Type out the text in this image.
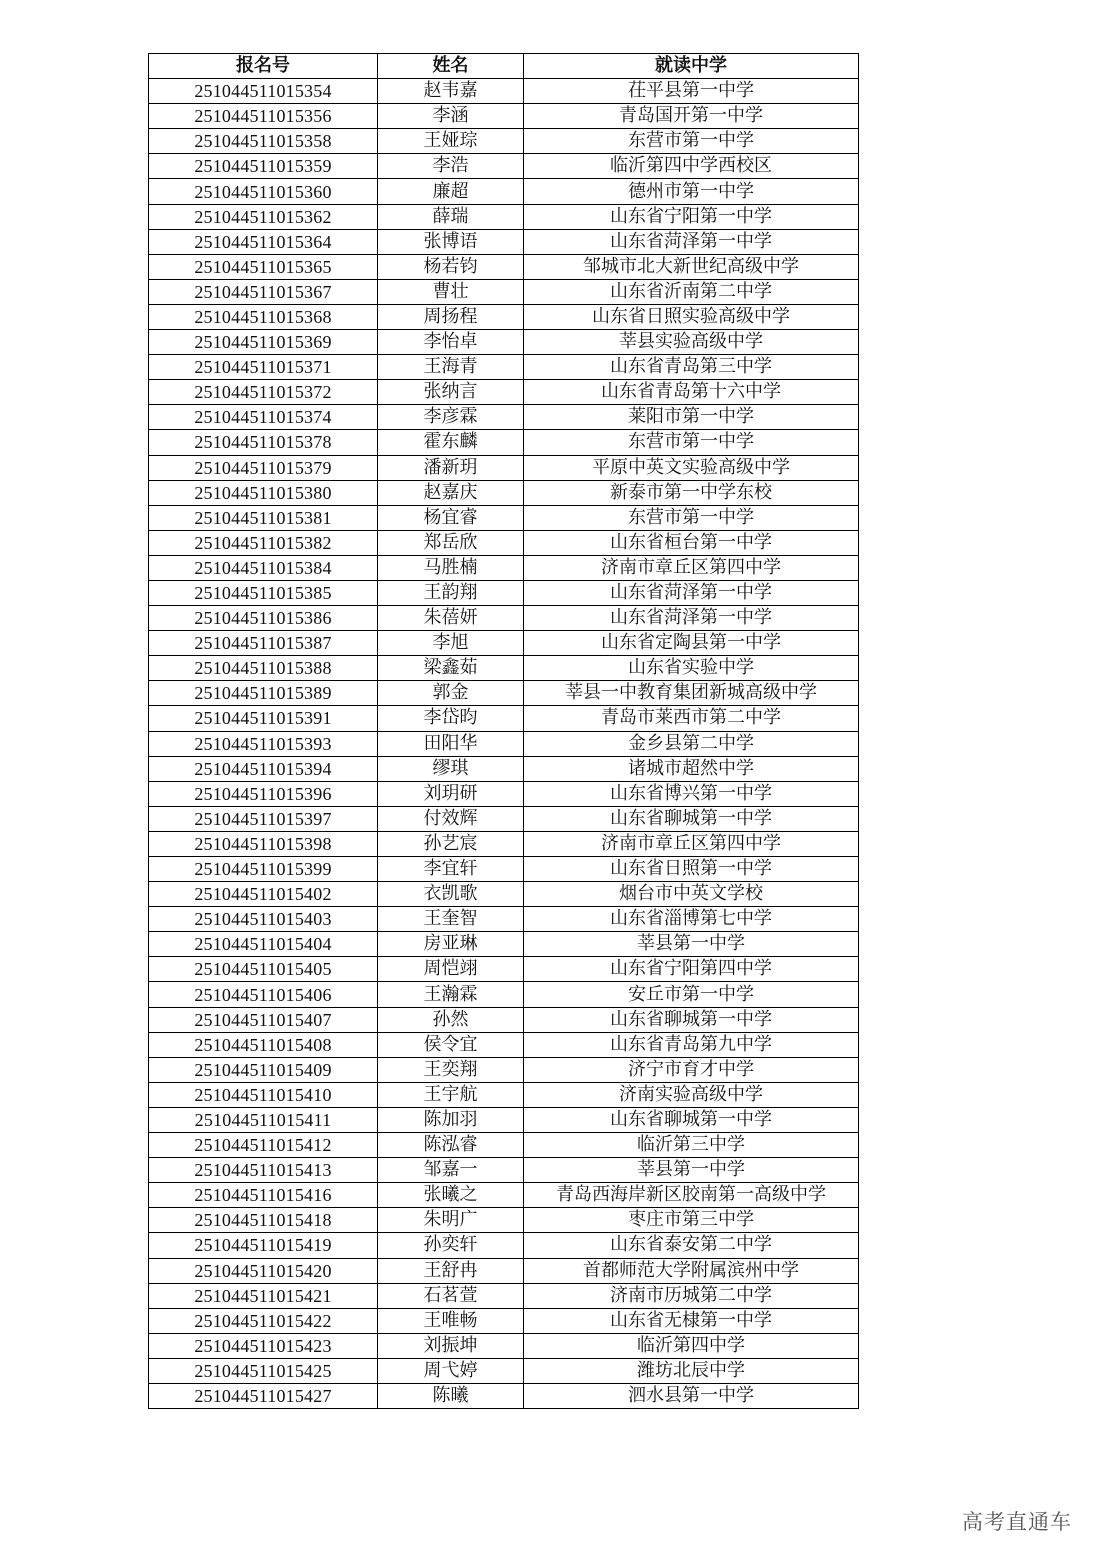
报名号	姓名	就读中学
251044511015354	赵韦嘉	茌平县第一中学
251044511015356	李涵	青岛国开第一中学
251044511015358	王娅琮	东营市第一中学
251044511015359	李浩	临沂第四中学西校区
251044511015360	廉超	德州市第一中学
251044511015362	薛瑞	山东省宁阳第一中学
251044511015364	张博语	山东省菏泽第一中学
251044511015365	杨若钧	邹城市北大新世纪高级中学
251044511015367	曹壮	山东省沂南第二中学
251044511015368	周扬程	山东省日照实验高级中学
251044511015369	李怡卓	莘县实验高级中学
251044511015371	王海青	山东省青岛第三中学
251044511015372	张纳言	山东省青岛第十六中学
251044511015374	李彦霖	莱阳市第一中学
251044511015378	霍东麟	东营市第一中学
251044511015379	潘新玥	平原中英文实验高级中学
251044511015380	赵嘉庆	新泰市第一中学东校
251044511015381	杨宜睿	东营市第一中学
251044511015382	郑岳欣	山东省桓台第一中学
251044511015384	马胜楠	济南市章丘区第四中学
251044511015385	王韵翔	山东省菏泽第一中学
251044511015386	朱蓓妍	山东省菏泽第一中学
251044511015387	李旭	山东省定陶县第一中学
251044511015388	梁鑫茹	山东省实验中学
251044511015389	郭金	莘县一中教育集团新城高级中学
251044511015391	李岱昀	青岛市莱西市第二中学
251044511015393	田阳华	金乡县第二中学
251044511015394	缪琪	诸城市超然中学
251044511015396	刘玥研	山东省博兴第一中学
251044511015397	付效辉	山东省聊城第一中学
251044511015398	孙艺宸	济南市章丘区第四中学
251044511015399	李宜轩	山东省日照第一中学
251044511015402	衣凯歌	烟台市中英文学校
251044511015403	王奎智	山东省淄博第七中学
251044511015404	房亚琳	莘县第一中学
251044511015405	周恺翊	山东省宁阳第四中学
251044511015406	王瀚霖	安丘市第一中学
251044511015407	孙然	山东省聊城第一中学
251044511015408	侯令宜	山东省青岛第九中学
251044511015409	王奕翔	济宁市育才中学
251044511015410	王宇航	济南实验高级中学
251044511015411	陈加羽	山东省聊城第一中学
251044511015412	陈泓睿	临沂第三中学
251044511015413	邹嘉一	莘县第一中学
251044511015416	张曦之	青岛西海岸新区胶南第一高级中学
251044511015418	朱明广	枣庄市第三中学
251044511015419	孙奕轩	山东省泰安第二中学
251044511015420	王舒冉	首都师范大学附属滨州中学
251044511015421	石茗萱	济南市历城第二中学
251044511015422	王唯畅	山东省无棣第一中学
251044511015423	刘振坤	临沂第四中学
251044511015425	周弋婷	潍坊北辰中学
251044511015427	陈曦	泗水县第一中学
高考直通车
